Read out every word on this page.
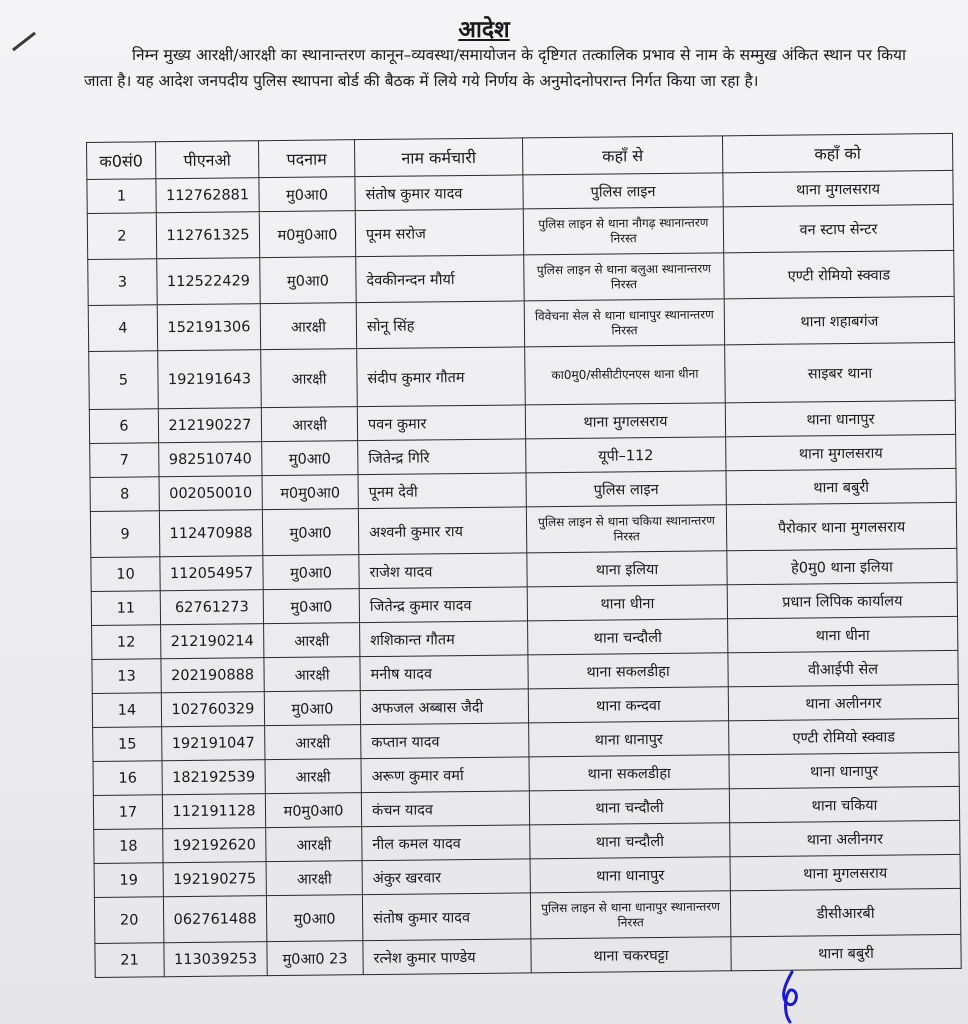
आदेश
निम्न मुख्य आरक्षी/आरक्षी का स्थानान्तरण कानून–व्यवस्था/समायोजन के दृष्टिगत तत्कालिक प्रभाव से नाम के सम्मुख अंकित स्थान पर किया जाता है। यह आदेश जनपदीय पुलिस स्थापना बोर्ड की बैठक में लिये गये निर्णय के अनुमोदनोपरान्त निर्गत किया जा रहा है।
क0सं0	पीएनओ	पदनाम	नाम कर्मचारी	कहाँ से	कहाँ को
1	112762881	मु0आ0	संतोष कुमार यादव	पुलिस लाइन	थाना मुगलसराय
2	112761325	म0मु0आ0	पूनम सरोज	पुलिस लाइन से थाना नौगढ़ स्थानान्तरण निरस्त	वन स्टाप सेन्टर
3	112522429	मु0आ0	देवकीनन्दन मौर्या	पुलिस लाइन से थाना बलुआ स्थानान्तरण निरस्त	एण्टी रोमियो स्क्वाड
4	152191306	आरक्षी	सोनू सिंह	विवेचना सेल से थाना धानापुर स्थानान्तरण निरस्त	थाना शहाबगंज
5	192191643	आरक्षी	संदीप कुमार गौतम	का0मु0/सीसीटीएनएस थाना धीना	साइबर थाना
6	212190227	आरक्षी	पवन कुमार	थाना मुगलसराय	थाना धानापुर
7	982510740	मु0आ0	जितेन्द्र गिरि	यूपी–112	थाना मुगलसराय
8	002050010	म0मु0आ0	पूनम देवी	पुलिस लाइन	थाना बबुरी
9	112470988	मु0आ0	अश्वनी कुमार राय	पुलिस लाइन से थाना चकिया स्थानान्तरण निरस्त	पैरोकार थाना मुगलसराय
10	112054957	मु0आ0	राजेश यादव	थाना इलिया	हे0मु0 थाना इलिया
11	62761273	मु0आ0	जितेन्द्र कुमार यादव	थाना धीना	प्रधान लिपिक कार्यालय
12	212190214	आरक्षी	शशिकान्त गौतम	थाना चन्दौली	थाना धीना
13	202190888	आरक्षी	मनीष यादव	थाना सकलडीहा	वीआईपी सेल
14	102760329	मु0आ0	अफजल अब्बास जैदी	थाना कन्दवा	थाना अलीनगर
15	192191047	आरक्षी	कप्तान यादव	थाना धानापुर	एण्टी रोमियो स्क्वाड
16	182192539	आरक्षी	अरूण कुमार वर्मा	थाना सकलडीहा	थाना धानापुर
17	112191128	म0मु0आ0	कंचन यादव	थाना चन्दौली	थाना चकिया
18	192192620	आरक्षी	नील कमल यादव	थाना चन्दौली	थाना अलीनगर
19	192190275	आरक्षी	अंकुर खरवार	थाना धानापुर	थाना मुगलसराय
20	062761488	मु0आ0	संतोष कुमार यादव	पुलिस लाइन से थाना धानापुर स्थानान्तरण निरस्त	डीसीआरबी
21	113039253	मु0आ0 23	रत्नेश कुमार पाण्डेय	थाना चकरघट्टा	थाना बबुरी
